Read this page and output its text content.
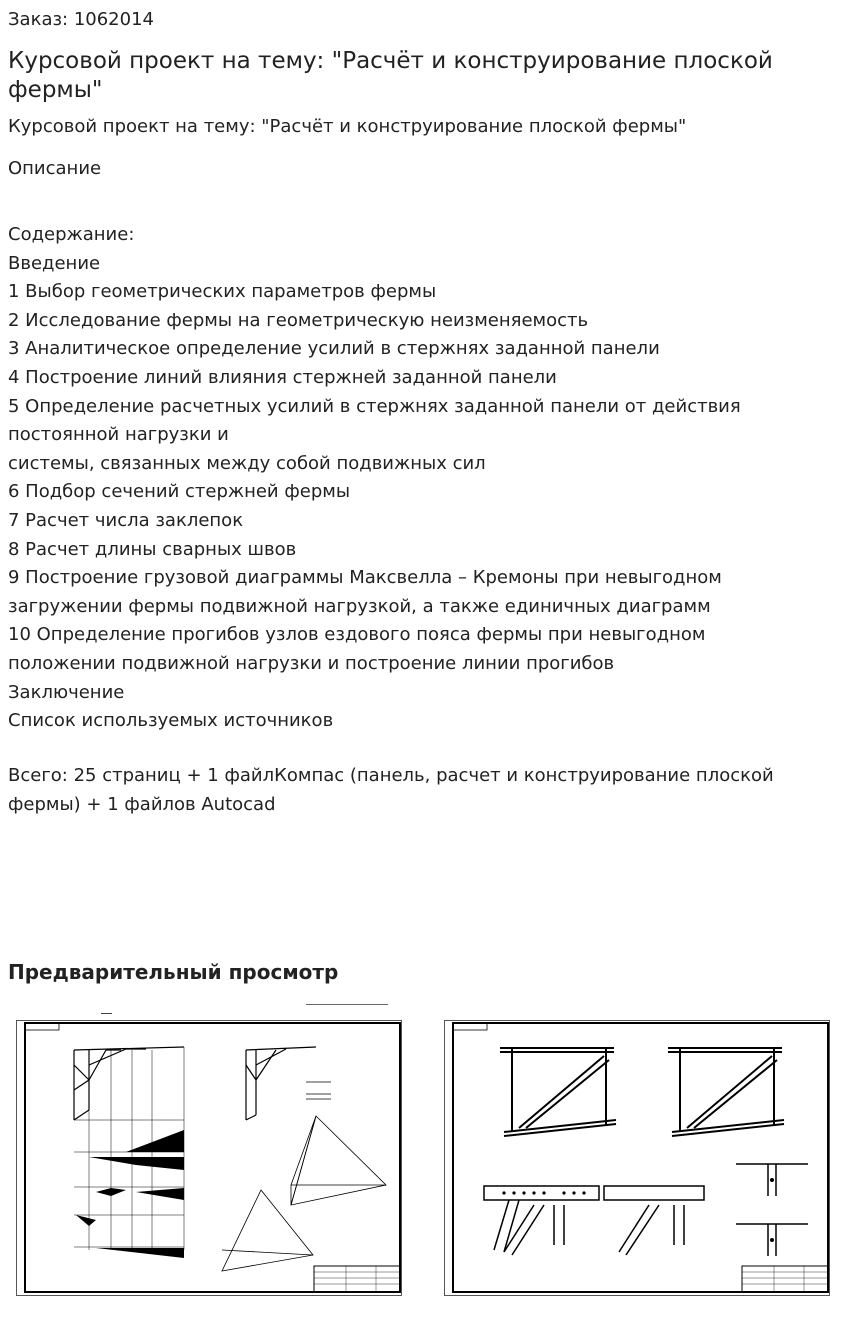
Заказ: 1062014
Курсовой проект на тему: "Расчёт и конструирование плоской фермы"
Курсовой проект на тему: "Расчёт и конструирование плоской фермы"
Описание
Содержание:
Введение
1 Выбор геометрических параметров фермы
2 Исследование фермы на геометрическую неизменяемость
3 Аналитическое определение усилий в стержнях заданной панели
4 Построение линий влияния стержней заданной панели
5 Определение расчетных усилий в стержнях заданной панели от действия
постоянной нагрузки и
системы, связанных между собой подвижных сил
6 Подбор сечений стержней фермы
7 Расчет числа заклепок
8 Расчет длины сварных швов
9 Построение грузовой диаграммы Максвелла – Кремоны при невыгодном
загружении фермы подвижной нагрузкой, а также единичных диаграмм
10 Определение прогибов узлов ездового пояса фермы при невыгодном
положении подвижной нагрузки и построение линии прогибов
Заключение
Список используемых источников
Всего: 25 страниц + 1 файлКомпас (панель, расчет и конструирование плоской
фермы) + 1 файлов Autocad
Предварительный просмотр
